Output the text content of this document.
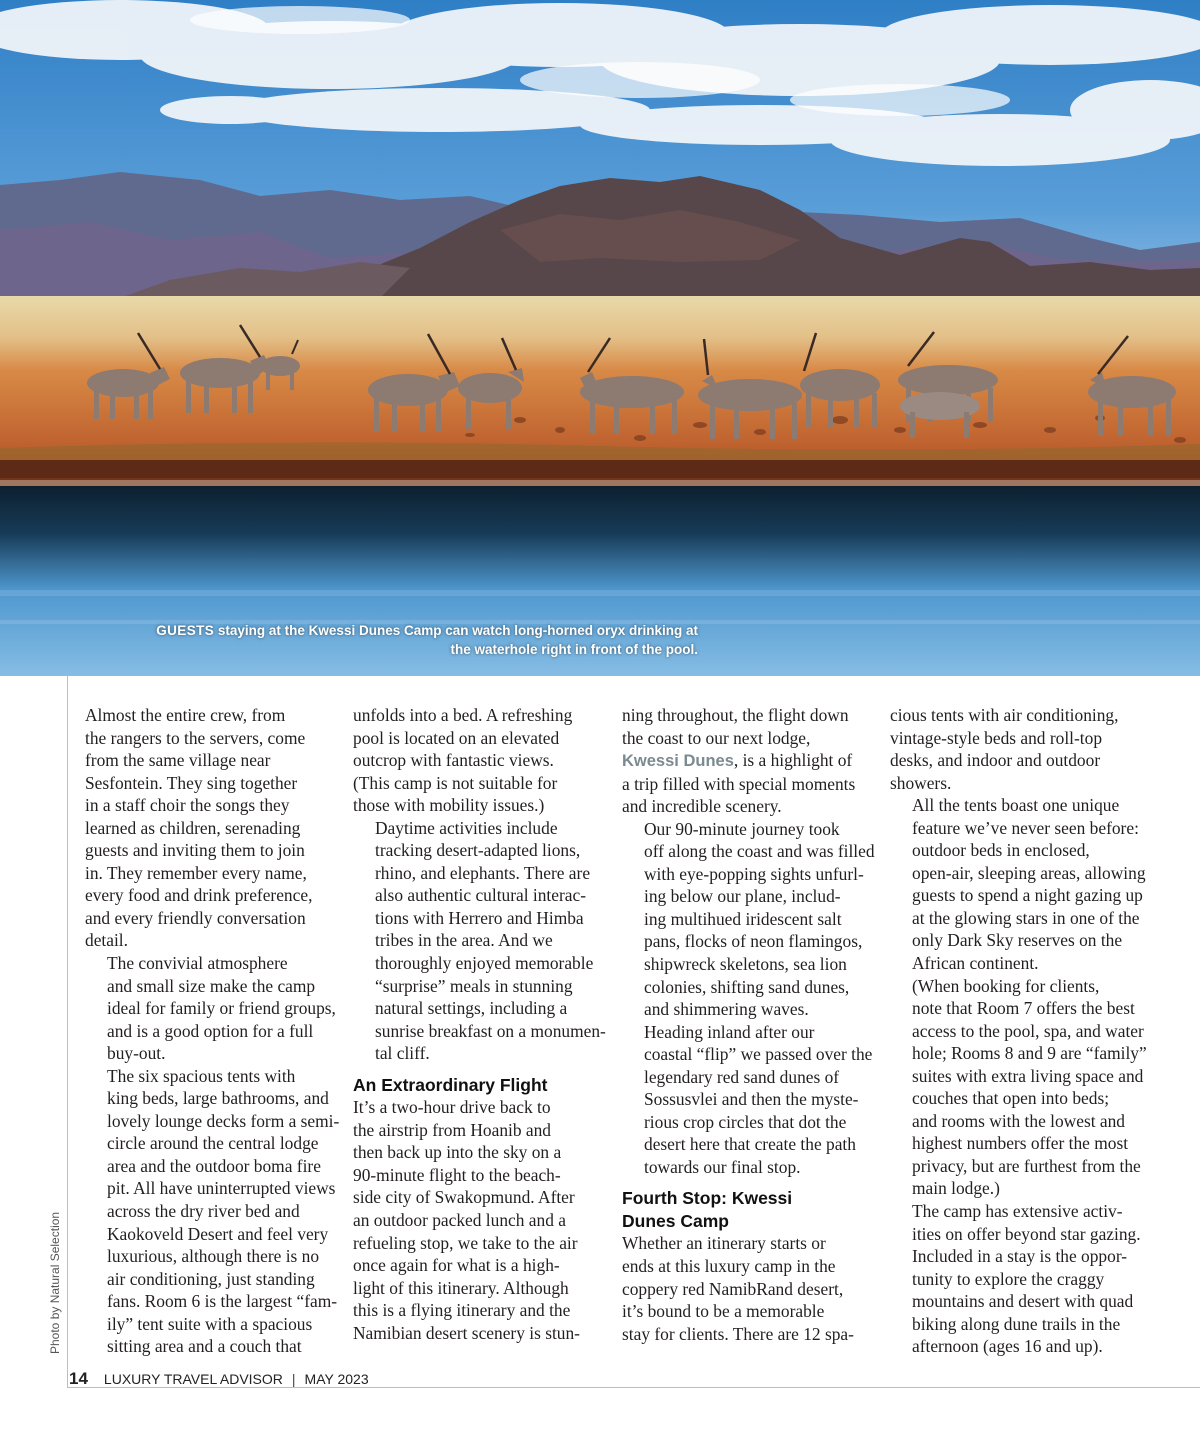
GUESTS staying at the Kwessi Dunes Camp can watch long-horned oryx drinking at
the waterhole right in front of the pool.
Photo by Natural Selection

Almost the entire crew, from
the rangers to the servers, come
from the same village near
Sesfontein. They sing together
in a staff choir the songs they
learned as children, serenading
guests and inviting them to join
in. They remember every name,
every food and drink preference,
and every friendly conversation
detail.

The convivial atmosphere
and small size make the camp
ideal for family or friend groups,
and is a good option for a full
buy-out.

The six spacious tents with
king beds, large bathrooms, and
lovely lounge decks form a semi-
circle around the central lodge
area and the outdoor boma fire
pit. All have uninterrupted views
across the dry river bed and
Kaokoveld Desert and feel very
luxurious, although there is no
air conditioning, just standing
fans. Room 6 is the largest “fam-
ily” tent suite with a spacious
sitting area and a couch that

unfolds into a bed. A refreshing
pool is located on an elevated
outcrop with fantastic views.
(This camp is not suitable for
those with mobility issues.)

Daytime activities include
tracking desert-adapted lions,
rhino, and elephants. There are
also authentic cultural interac-
tions with Herrero and Himba
tribes in the area. And we
thoroughly enjoyed memorable
“surprise” meals in stunning
natural settings, including a
sunrise breakfast on a monumen-
tal cliff.

An Extraordinary Flight

It’s a two-hour drive back to
the airstrip from Hoanib and
then back up into the sky on a
90-minute flight to the beach-
side city of Swakopmund. After
an outdoor packed lunch and a
refueling stop, we take to the air
once again for what is a high-
light of this itinerary. Although
this is a flying itinerary and the
Namibian desert scenery is stun-

ning throughout, the flight down
the coast to our next lodge,
Kwessi Dunes, is a highlight of
a trip filled with special moments
and incredible scenery.

Our 90-minute journey took
off along the coast and was filled
with eye-popping sights unfurl-
ing below our plane, includ-
ing multihued iridescent salt
pans, flocks of neon flamingos,
shipwreck skeletons, sea lion
colonies, shifting sand dunes,
and shimmering waves.

Heading inland after our
coastal “flip” we passed over the
legendary red sand dunes of
Sossusvlei and then the myste-
rious crop circles that dot the
desert here that create the path
towards our final stop.

Fourth Stop: Kwessi
Dunes Camp

Whether an itinerary starts or
ends at this luxury camp in the
coppery red NamibRand desert,
it’s bound to be a memorable
stay for clients. There are 12 spa-

cious tents with air conditioning,
vintage-style beds and roll-top
desks, and indoor and outdoor
showers.

All the tents boast one unique
feature we’ve never seen before:
outdoor beds in enclosed,
open-air, sleeping areas, allowing
guests to spend a night gazing up
at the glowing stars in one of the
only Dark Sky reserves on the
African continent.

(When booking for clients,
note that Room 7 offers the best
access to the pool, spa, and water
hole; Rooms 8 and 9 are “family”
suites with extra living space and
couches that open into beds;
and rooms with the lowest and
highest numbers offer the most
privacy, but are furthest from the
main lodge.)

The camp has extensive activ-
ities on offer beyond star gazing.
Included in a stay is the oppor-
tunity to explore the craggy
mountains and desert with quad
biking along dune trails in the
afternoon (ages 16 and up).

14 LUXURY TRAVEL ADVISOR | MAY 2023
